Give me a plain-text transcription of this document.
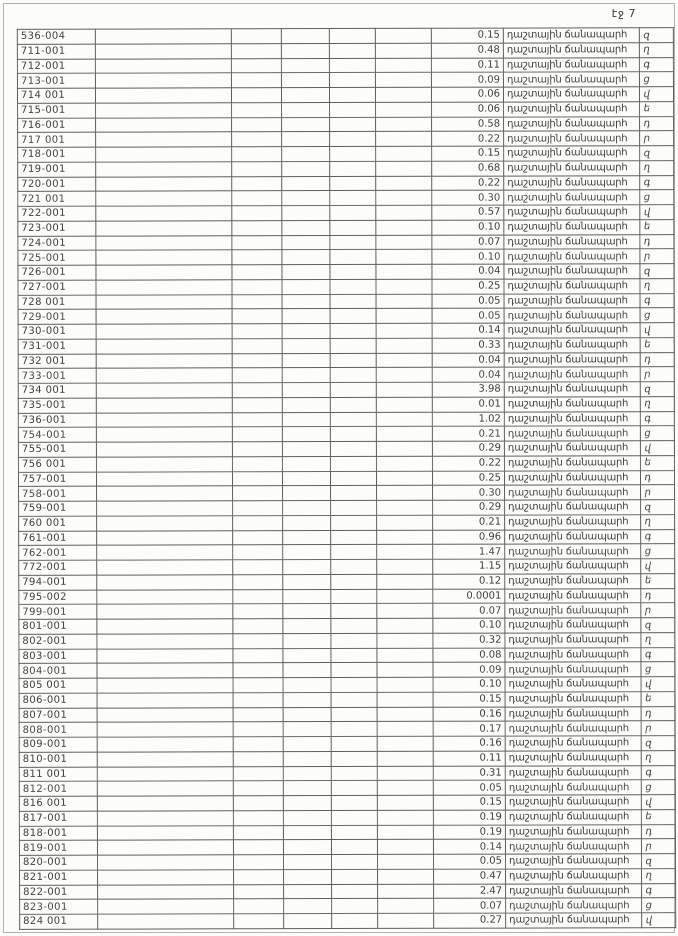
էջ 7
536-004						0.15	դաշտային ճանապարհ	զ
711-001						0.48	դաշտային ճանապարհ	ղ
712-001						0.11	դաշտային ճանապարհ	գ
713-001						0.09	դաշտային ճանապարհ	ց
714 001						0.06	դաշտային ճանապարհ	վ
715-001						0.06	դաշտային ճանապարհ	ե
716-001						0.58	դաշտային ճանապարհ	դ
717 001						0.22	դաշտային ճանապարհ	ր
718-001						0.15	դաշտային ճանապարհ	զ
719-001						0.68	դաշտային ճանապարհ	ղ
720-001						0.22	դաշտային ճանապարհ	գ
721 001						0.30	դաշտային ճանապարհ	ց
722-001						0.57	դաշտային ճանապարհ	վ
723-001						0.10	դաշտային ճանապարհ	ե
724-001						0.07	դաշտային ճանապարհ	դ
725-001						0.10	դաշտային ճանապարհ	ր
726-001						0.04	դաշտային ճանապարհ	զ
727-001						0.25	դաշտային ճանապարհ	ղ
728 001						0.05	դաշտային ճանապարհ	գ
729-001						0.05	դաշտային ճանապարհ	ց
730-001						0.14	դաշտային ճանապարհ	վ
731-001						0.33	դաշտային ճանապարհ	ե
732 001						0.04	դաշտային ճանապարհ	դ
733-001						0.04	դաշտային ճանապարհ	ր
734 001						3.98	դաշտային ճանապարհ	զ
735-001						0.01	դաշտային ճանապարհ	ղ
736-001						1.02	դաշտային ճանապարհ	գ
754-001						0.21	դաշտային ճանապարհ	ց
755-001						0.29	դաշտային ճանապարհ	վ
756 001						0.22	դաշտային ճանապարհ	ե
757-001						0.25	դաշտային ճանապարհ	դ
758-001						0.30	դաշտային ճանապարհ	ր
759-001						0.29	դաշտային ճանապարհ	զ
760 001						0.21	դաշտային ճանապարհ	ղ
761-001						0.96	դաշտային ճանապարհ	գ
762-001						1.47	դաշտային ճանապարհ	ց
772-001						1.15	դաշտային ճանապարհ	վ
794-001						0.12	դաշտային ճանապարհ	ե
795-002						0.0001	դաշտային ճանապարհ	դ
799-001						0.07	դաշտային ճանապարհ	ր
801-001						0.10	դաշտային ճանապարհ	զ
802-001						0.32	դաշտային ճանապարհ	ղ
803-001						0.08	դաշտային ճանապարհ	գ
804-001						0.09	դաշտային ճանապարհ	ց
805 001						0.10	դաշտային ճանապարհ	վ
806-001						0.15	դաշտային ճանապարհ	ե
807-001						0.16	դաշտային ճանապարհ	դ
808-001						0.17	դաշտային ճանապարհ	ր
809-001						0.16	դաշտային ճանապարհ	զ
810-001						0.11	դաշտային ճանապարհ	ղ
811 001						0.31	դաշտային ճանապարհ	գ
812-001						0.05	դաշտային ճանապարհ	ց
816 001						0.15	դաշտային ճանապարհ	վ
817-001						0.19	դաշտային ճանապարհ	ե
818-001						0.19	դաշտային ճանապարհ	դ
819-001						0.14	դաշտային ճանապարհ	ր
820-001						0.05	դաշտային ճանապարհ	զ
821-001						0.47	դաշտային ճանապարհ	ղ
822-001						2.47	դաշտային ճանապարհ	գ
823-001						0.07	դաշտային ճանապարհ	ց
824 001						0.27	դաշտային ճանապարհ	վ
